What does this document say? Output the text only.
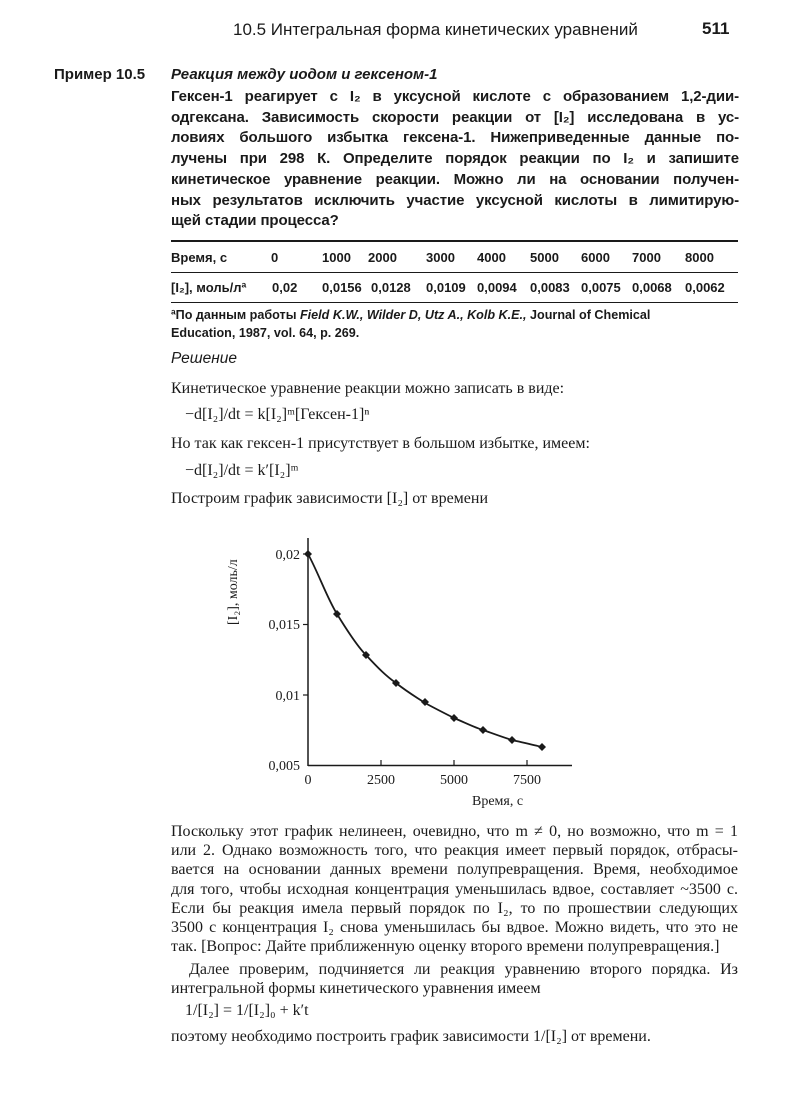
10.5 Интегральная форма кинетических уравнений	511
Пример 10.5 Реакция между иодом и гексеном-1
Гексен-1 реагирует с I₂ в уксусной кислоте с образованием 1,2-дии-
одгексана. Зависимость скорости реакции от [I₂] исследована в ус-
ловиях большого избытка гексена-1. Нижеприведенные данные по-
лучены при 298 К. Определите порядок реакции по I₂ и запишите
кинетическое уравнение реакции. Можно ли на основании получен-
ных результатов исключить участие уксусной кислоты в лимитирую-
щей стадии процесса?
Время, с	0	1000 2000 3000 4000 5000 6000 7000 8000
[I₂], моль/лª 0,02 0,0156 0,0128 0,0109 0,0094 0,0083 0,0075 0,0068 0,0062
ªПо данным работы Field K.W., Wilder D, Utz A., Kolb K.E., Journal of Chemical
Education, 1987, vol. 64, p. 269.
Решение
Кинетическое уравнение реакции можно записать в виде:
−d[I₂]/dt = k[I₂]ᵐ[Гексен-1]ⁿ
Но так как гексен-1 присутствует в большом избытке, имеем:
−d[I₂]/dt = k′[I₂]ᵐ
Построим график зависимости [I₂] от времени
[I₂], моль/л
0,02
0,015
0,01
0,005
0	2500	5000	7500
Время, с
Поскольку этот график нелинеен, очевидно, что m ≠ 0, но возможно, что m = 1
или 2. Однако возможность того, что реакция имеет первый порядок, отбрасы-
вается на основании данных времени полупревращения. Время, необходимое
для того, чтобы исходная концентрация уменьшилась вдвое, составляет ~3500 с.
Если бы реакция имела первый порядок по I₂, то по прошествии следующих
3500 с концентрация I₂ снова уменьшилась бы вдвое. Можно видеть, что это не
так. [Вопрос: Дайте приближенную оценку второго времени полупревращения.]
Далее проверим, подчиняется ли реакция уравнению второго порядка. Из
интегральной формы кинетического уравнения имеем
1/[I₂] = 1/[I₂]₀ + k′t
поэтому необходимо построить график зависимости 1/[I₂] от времени.
